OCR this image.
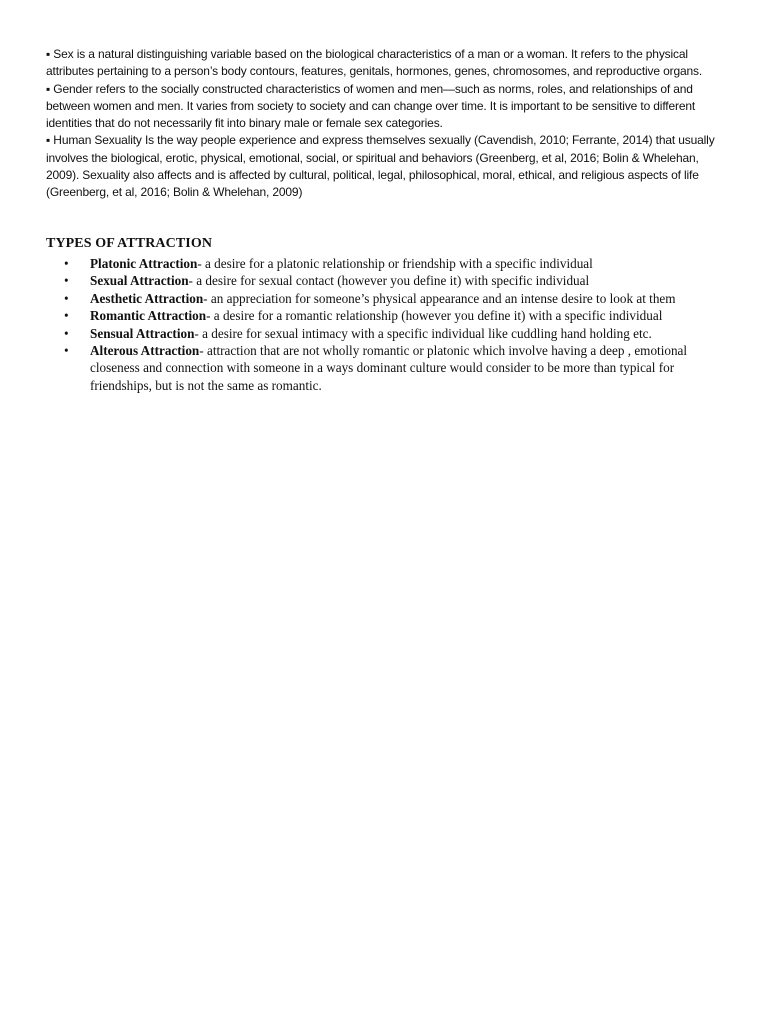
▪ Sex is a natural distinguishing variable based on the biological characteristics of a man or a woman. It refers to the physical attributes pertaining to a person’s body contours, features, genitals, hormones, genes, chromosomes, and reproductive organs.

▪ Gender refers to the socially constructed characteristics of women and men—such as norms, roles, and relationships of and between women and men. It varies from society to society and can change over time. It is important to be sensitive to different identities that do not necessarily fit into binary male or female sex categories.

▪ Human Sexuality Is the way people experience and express themselves sexually (Cavendish, 2010; Ferrante, 2014) that usually involves the biological, erotic, physical, emotional, social, or spiritual and behaviors (Greenberg, et al, 2016; Bolin & Whelehan, 2009). Sexuality also affects and is affected by cultural, political, legal, philosophical, moral, ethical, and religious aspects of life (Greenberg, et al, 2016; Bolin & Whelehan, 2009)

TYPES OF ATTRACTION
• Platonic Attraction- a desire for a platonic relationship or friendship with a specific individual
• Sexual Attraction- a desire for sexual contact (however you define it) with specific individual
• Aesthetic Attraction- an appreciation for someone’s physical appearance and an intense desire to look at them
• Romantic Attraction- a desire for a romantic relationship (however you define it) with a specific individual
• Sensual Attraction- a desire for sexual intimacy with a specific individual like cuddling hand holding etc.
• Alterous Attraction- attraction that are not wholly romantic or platonic which involve having a deep , emotional closeness and connection with someone in a ways dominant culture would consider to be more than typical for friendships, but is not the same as romantic.
